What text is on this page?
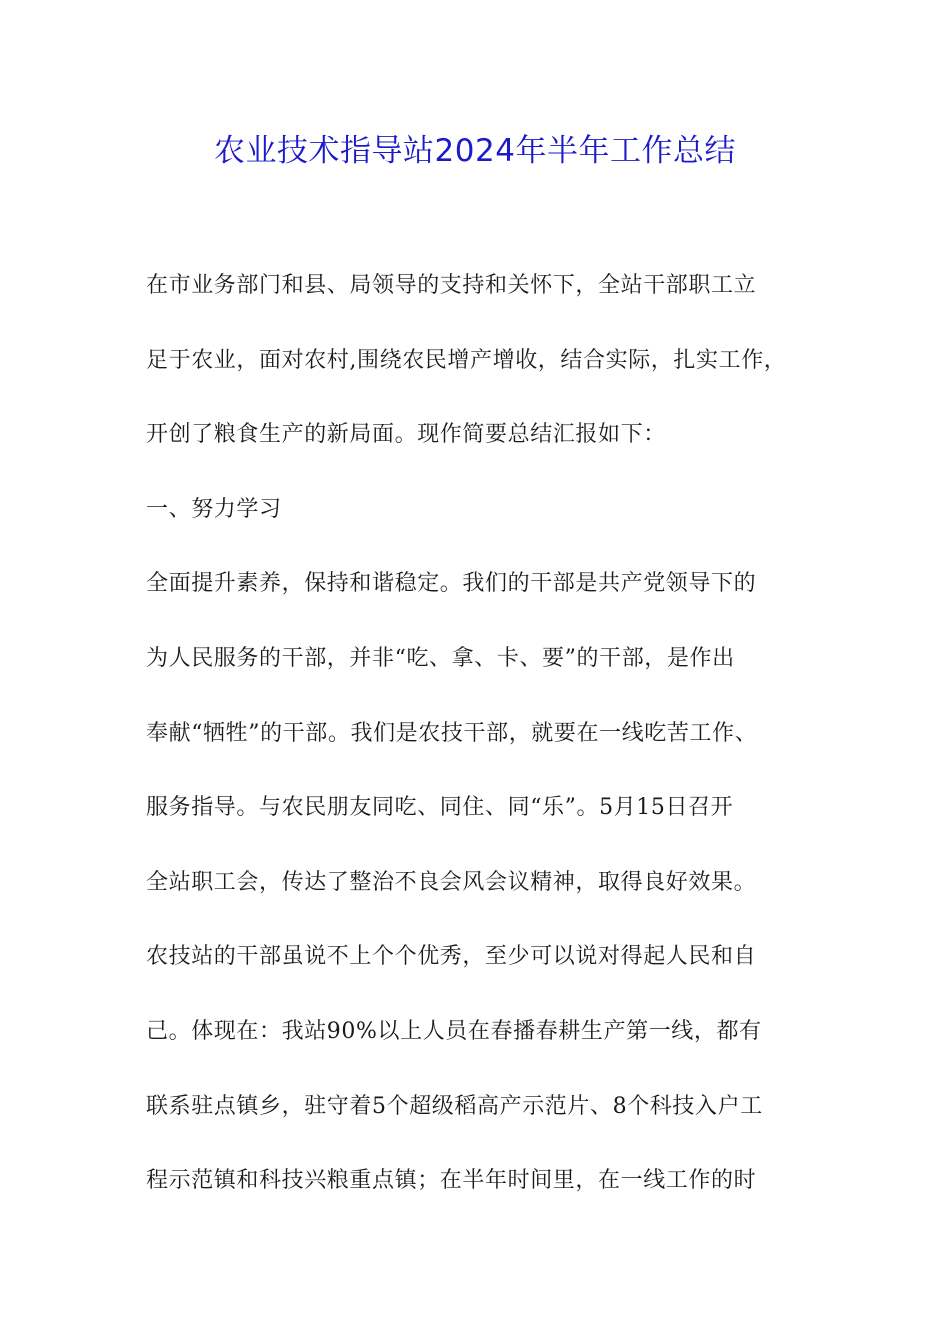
农业技术指导站2024年半年工作总结
在市业务部门和县、局领导的支持和关怀下，全站干部职工立
足于农业，面对农村,围绕农民增产增收，结合实际，扎实工作，
开创了粮食生产的新局面。现作简要总结汇报如下：
一、努力学习
全面提升素养，保持和谐稳定。我们的干部是共产党领导下的
为人民服务的干部，并非“吃、拿、卡、要”的干部，是作出
奉献“牺牲”的干部。我们是农技干部，就要在一线吃苦工作、
服务指导。与农民朋友同吃、同住、同“乐”。5月15日召开
全站职工会，传达了整治不良会风会议精神，取得良好效果。
农技站的干部虽说不上个个优秀，至少可以说对得起人民和自
己。体现在：我站90%以上人员在春播春耕生产第一线，都有
联系驻点镇乡，驻守着5个超级稻高产示范片、8个科技入户工
程示范镇和科技兴粮重点镇；在半年时间里，在一线工作的时
